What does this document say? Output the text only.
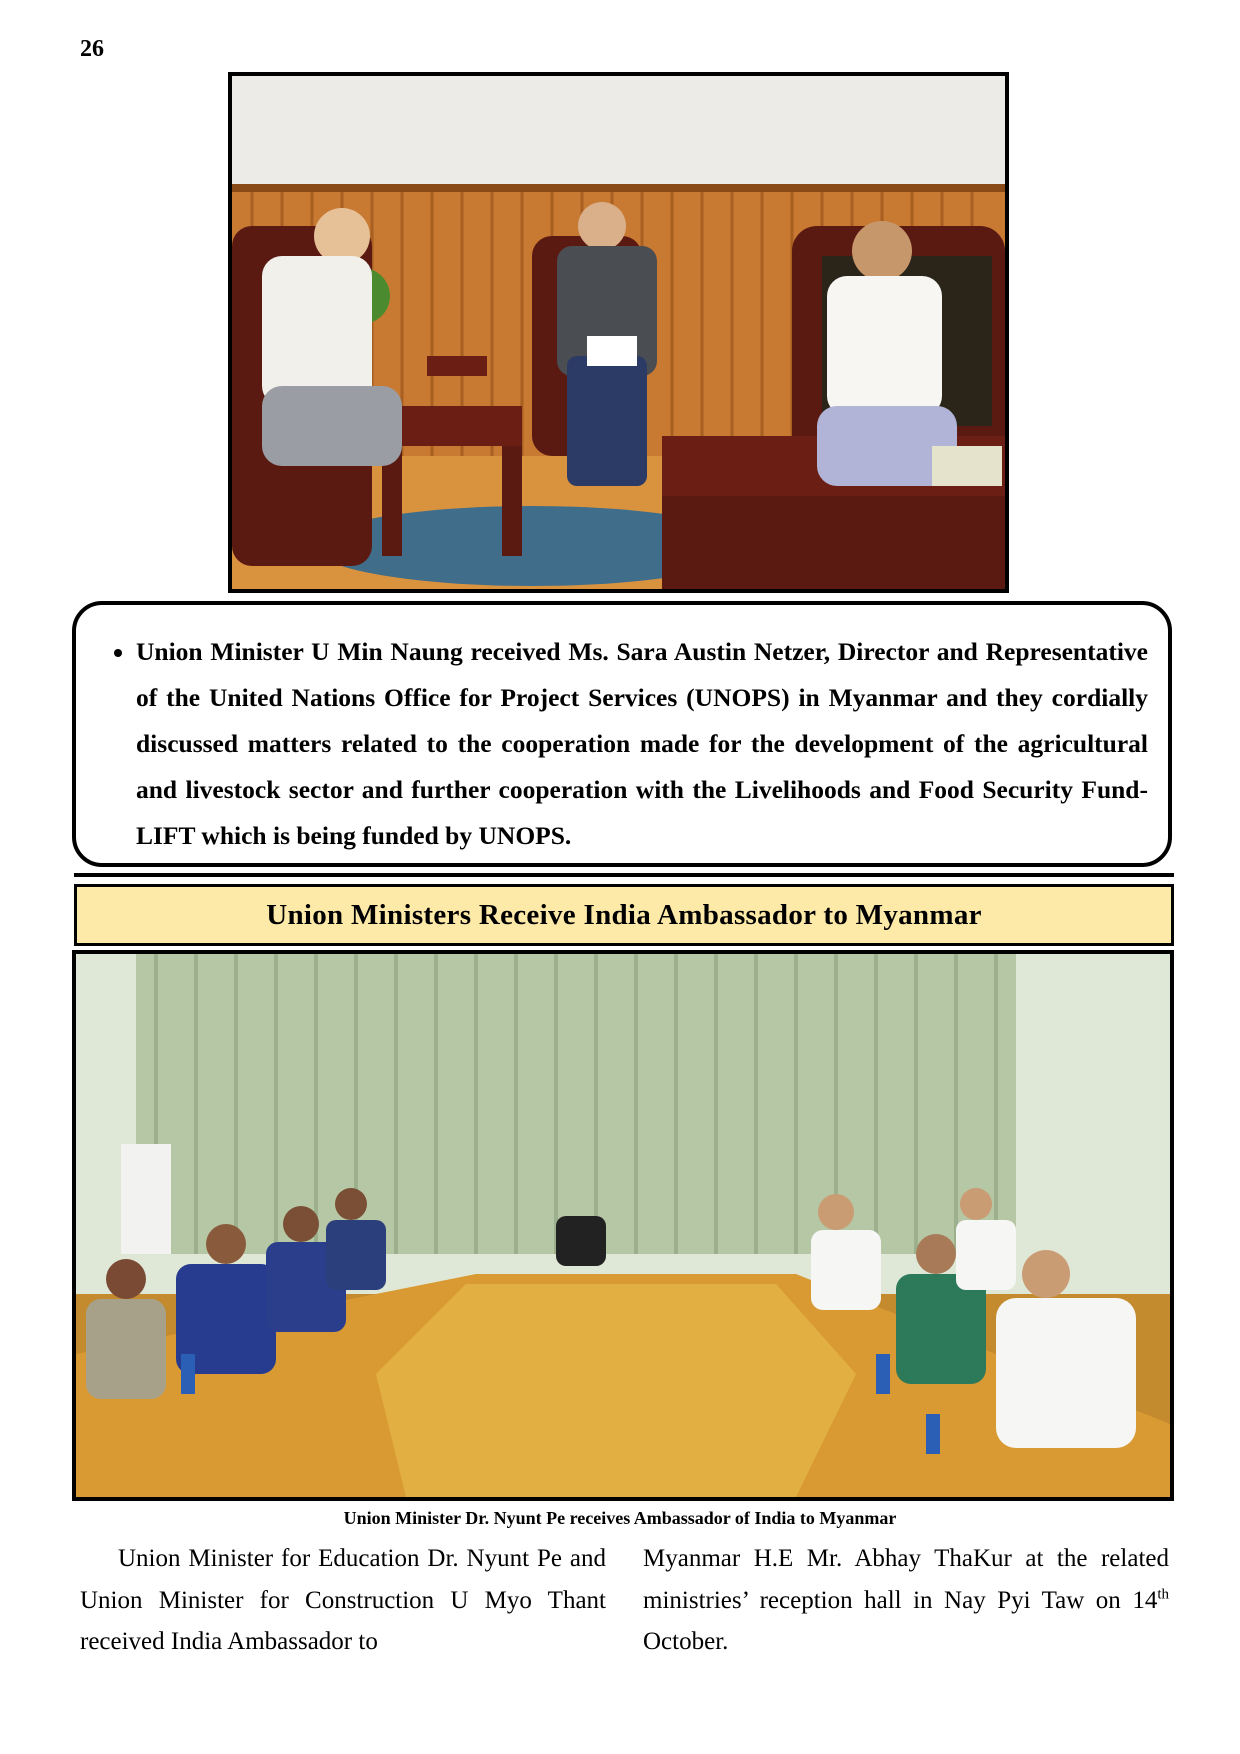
26
• Union Minister U Min Naung received Ms. Sara Austin Netzer, Director and Representative of the United Nations Office for Project Services (UNOPS) in Myanmar and they cordially discussed matters related to the cooperation made for the development of the agricultural and livestock sector and further cooperation with the Livelihoods and Food Security Fund-LIFT which is being funded by UNOPS.
Union Ministers Receive India Ambassador to Myanmar
Union Minister Dr. Nyunt Pe receives Ambassador of India to Myanmar
Union Minister for Education Dr. Nyunt Pe and Union Minister for Construction U Myo Thant received India Ambassador to
Myanmar H.E Mr. Abhay ThaKur at the related ministries’ reception hall in Nay Pyi Taw on 14th October.
